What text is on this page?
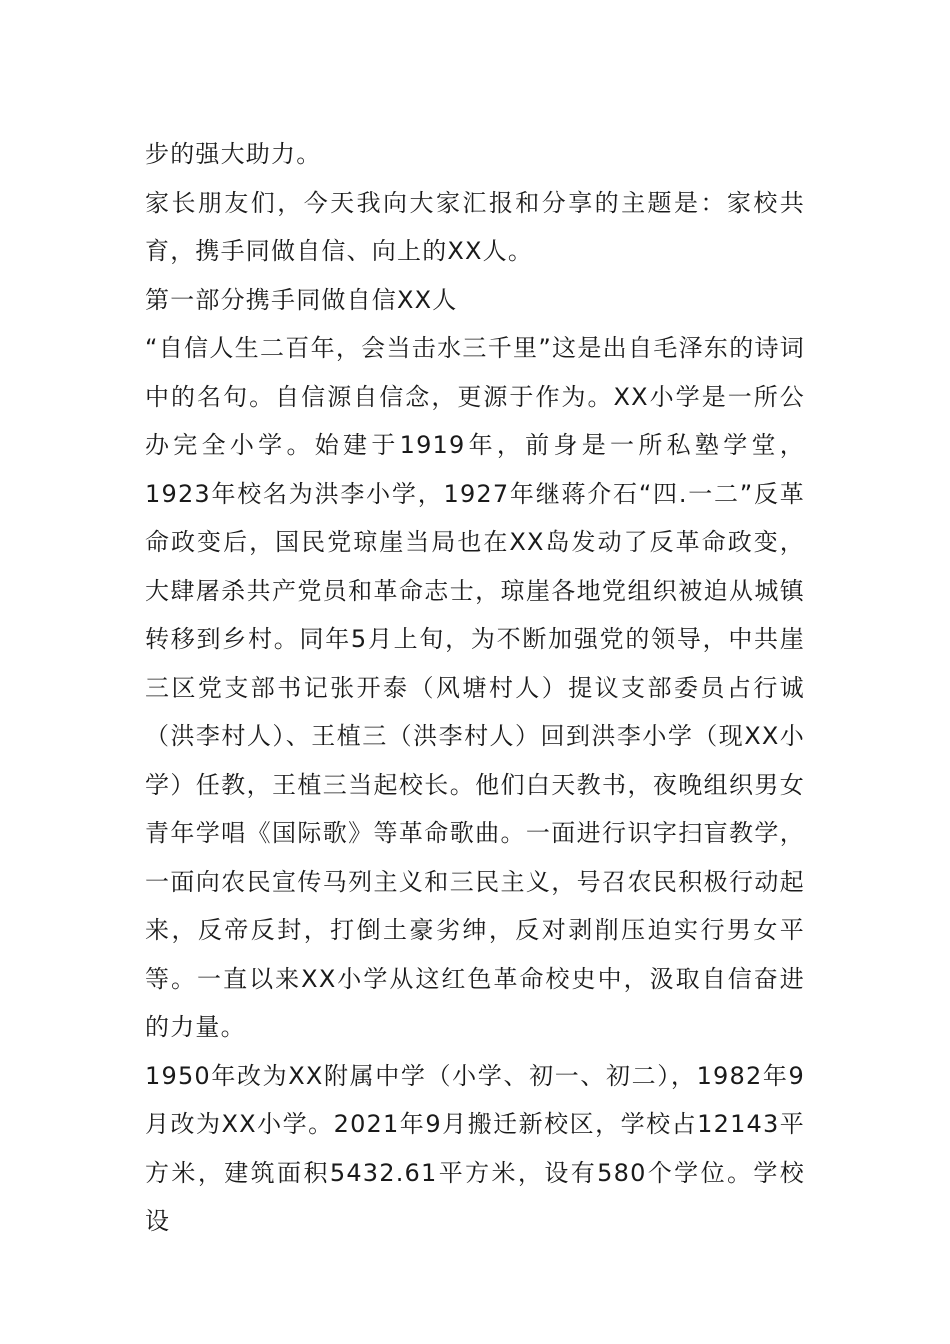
步的强大助力。

家长朋友们，今天我向大家汇报和分享的主题是：家校共育，携手同做自信、向上的XX人。

第一部分携手同做自信XX人

“自信人生二百年，会当击水三千里”这是出自毛泽东的诗词中的名句。自信源自信念，更源于作为。XX小学是一所公办完全小学。始建于1919年，前身是一所私塾学堂，1923年校名为洪李小学，1927年继蒋介石“四.一二”反革命政变后，国民党琼崖当局也在XX岛发动了反革命政变，大肆屠杀共产党员和革命志士，琼崖各地党组织被迫从城镇转移到乡村。同年5月上旬，为不断加强党的领导，中共崖三区党支部书记张开泰（风塘村人）提议支部委员占行诚（洪李村人）、王植三（洪李村人）回到洪李小学（现XX小学）任教，王植三当起校长。他们白天教书，夜晚组织男女青年学唱《国际歌》等革命歌曲。一面进行识字扫盲教学，一面向农民宣传马列主义和三民主义，号召农民积极行动起来，反帝反封，打倒土豪劣绅，反对剥削压迫实行男女平等。一直以来XX小学从这红色革命校史中，汲取自信奋进的力量。

1950年改为XX附属中学（小学、初一、初二），1982年9月改为XX小学。2021年9月搬迁新校区，学校占12143平方米，建筑面积5432.61平方米，设有580个学位。学校设
